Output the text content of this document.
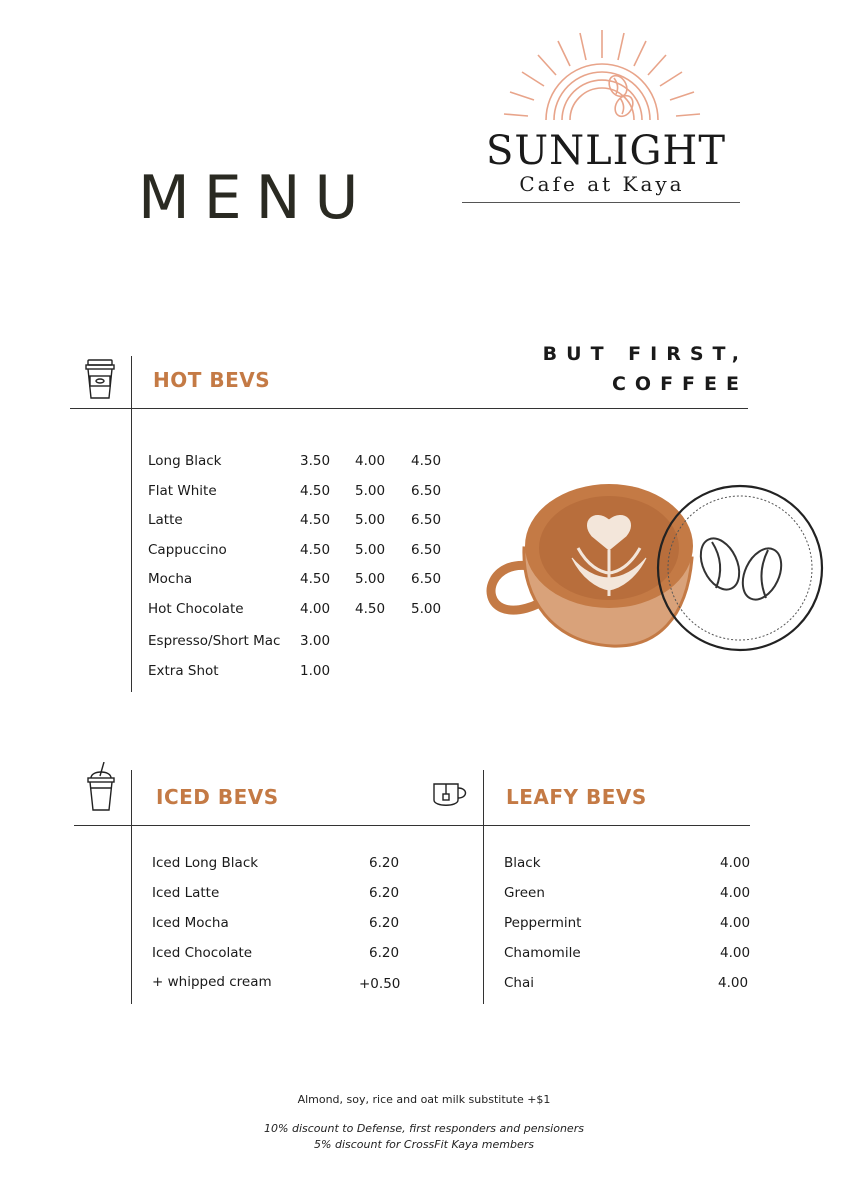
MENU
SUNLIGHT
Cafe at Kaya
BUT FIRST,
COFFEE
HOT BEVS
Long Black	3.50 4.00 4.50
Flat White	4.50 5.00 6.50
Latte	4.50 5.00 6.50
Cappuccino	4.50 5.00 6.50
Mocha	4.50 5.00 6.50
Hot Chocolate	4.00 4.50 5.00
Espresso/Short Mac 3.00
Extra Shot	1.00
ICED BEVS	LEAFY BEVS
Iced Long Black	6.20
Iced Latte	6.20
Iced Mocha	6.20
Iced Chocolate	6.20
+ whipped cream	+0.50
Black	4.00
Green	4.00
Peppermint	4.00
Chamomile	4.00
Chai	4.00
Almond, soy, rice and oat milk substitute +$1
10% discount to Defense, first responders and pensioners
5% discount for CrossFit Kaya members
